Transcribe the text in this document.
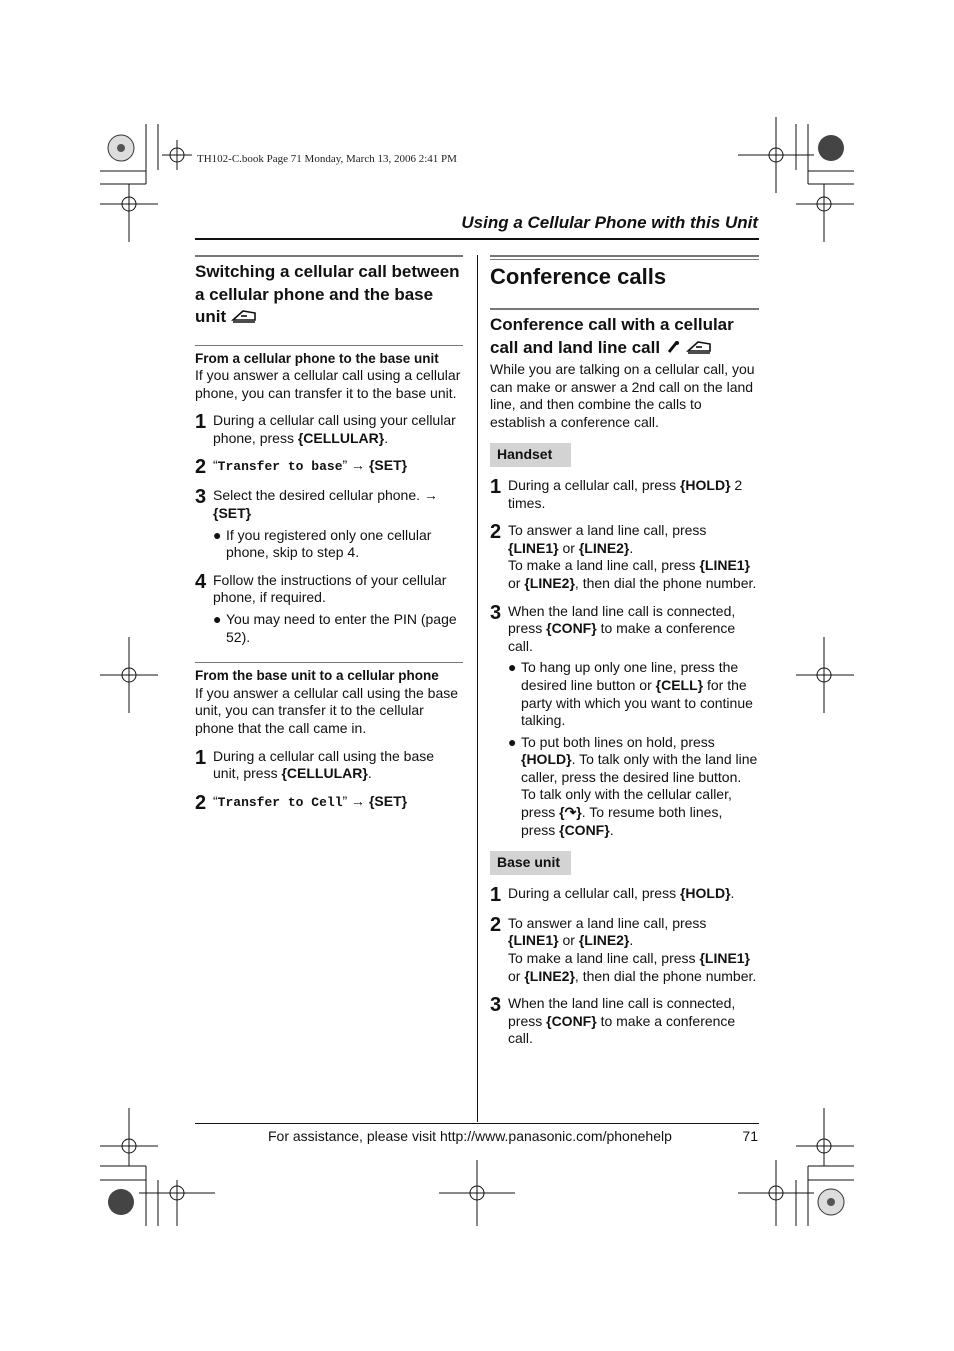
TH102-C.book Page 71 Monday, March 13, 2006 2:41 PM
Using a Cellular Phone with this Unit
Switching a cellular call between a cellular phone and the base unit
From a cellular phone to the base unit

If you answer a cellular call using a cellular phone, you can transfer it to the base unit.

1 During a cellular call using your cellular phone, press {CELLULAR}.
2 “Transfer to base” → {SET}
3 Select the desired cellular phone. → {SET}
● If you registered only one cellular phone, skip to step 4.
4 Follow the instructions of your cellular phone, if required.
● You may need to enter the PIN (page 52).
From the base unit to a cellular phone

If you answer a cellular call using the base unit, you can transfer it to the cellular phone that the call came in.

1 During a cellular call using the base unit, press {CELLULAR}.
2 “Transfer to Cell” → {SET}
Conference calls
Conference call with a cellular call and land line call

While you are talking on a cellular call, you can make or answer a 2nd call on the land line, and then combine the calls to establish a conference call.

Handset
1 During a cellular call, press {HOLD} 2 times.
2 To answer a land line call, press {LINE1} or {LINE2}.
To make a land line call, press {LINE1} or {LINE2}, then dial the phone number.
3 When the land line call is connected, press {CONF} to make a conference call.
● To hang up only one line, press the desired line button or {CELL} for the party with which you want to continue talking.
● To put both lines on hold, press {HOLD}. To talk only with the land line caller, press the desired line button. To talk only with the cellular caller, press {↷}. To resume both lines, press {CONF}.
Base unit
1 During a cellular call, press {HOLD}.
2 To answer a land line call, press {LINE1} or {LINE2}.
To make a land line call, press {LINE1} or {LINE2}, then dial the phone number.
3 When the land line call is connected, press {CONF} to make a conference call.
For assistance, please visit http://www.panasonic.com/phonehelp	71
